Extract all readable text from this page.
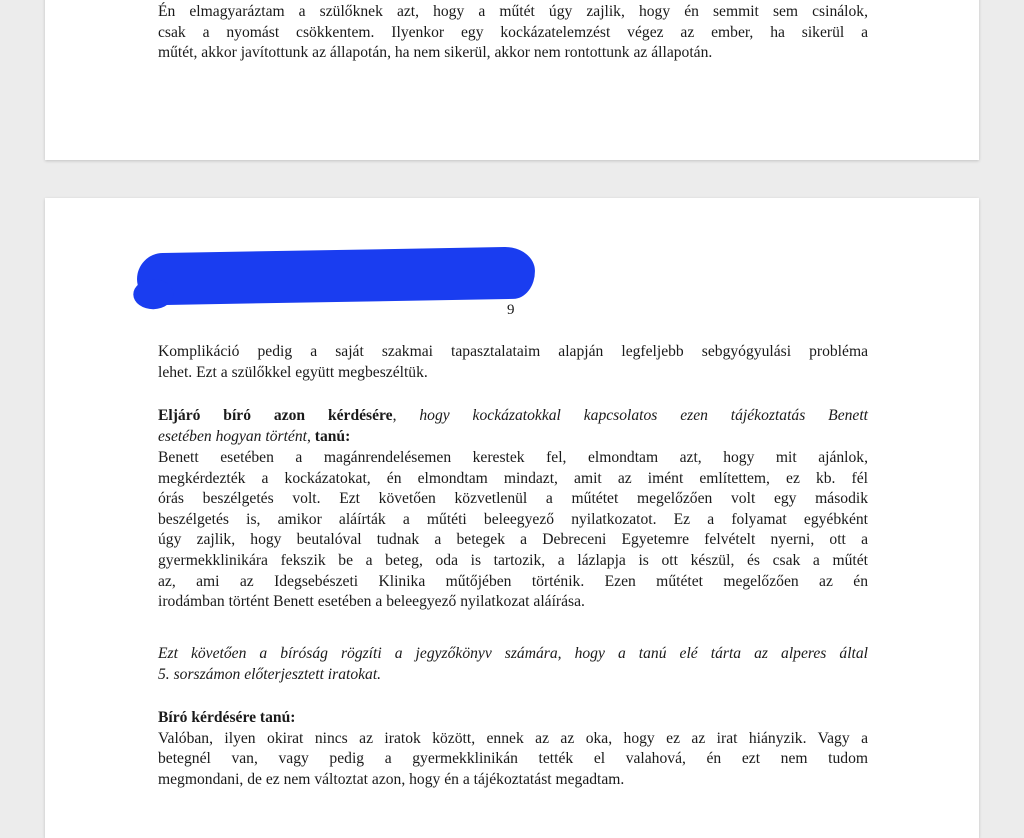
Én elmagyaráztam a szülőknek azt, hogy a műtét úgy zajlik, hogy én semmit sem csinálok,
csak a nyomást csökkentem. Ilyenkor egy kockázatelemzést végez az ember, ha sikerül a
műtét, akkor javítottunk az állapotán, ha nem sikerül, akkor nem rontottunk az állapotán.
9
Komplikáció pedig a saját szakmai tapasztalataim alapján legfeljebb sebgyógyulási probléma
lehet. Ezt a szülőkkel együtt megbeszéltük.
Eljáró bíró azon kérdésére, hogy kockázatokkal kapcsolatos ezen tájékoztatás Benett
esetében hogyan történt, tanú:
Benett esetében a magánrendelésemen kerestek fel, elmondtam azt, hogy mit ajánlok,
megkérdezték a kockázatokat, én elmondtam mindazt, amit az imént említettem, ez kb. fél
órás beszélgetés volt. Ezt követően közvetlenül a műtétet megelőzően volt egy második
beszélgetés is, amikor aláírták a műtéti beleegyező nyilatkozatot. Ez a folyamat egyébként
úgy zajlik, hogy beutalóval tudnak a betegek a Debreceni Egyetemre felvételt nyerni, ott a
gyermekklinikára fekszik be a beteg, oda is tartozik, a lázlapja is ott készül, és csak a műtét
az, ami az Idegsebészeti Klinika műtőjében történik. Ezen műtétet megelőzően az én
irodámban történt Benett esetében a beleegyező nyilatkozat aláírása.
Ezt követően a bíróság rögzíti a jegyzőkönyv számára, hogy a tanú elé tárta az alperes által
5. sorszámon előterjesztett iratokat.
Bíró kérdésére tanú:
Valóban, ilyen okirat nincs az iratok között, ennek az az oka, hogy ez az irat hiányzik. Vagy a
betegnél van, vagy pedig a gyermekklinikán tették el valahová, én ezt nem tudom
megmondani, de ez nem változtat azon, hogy én a tájékoztatást megadtam.
